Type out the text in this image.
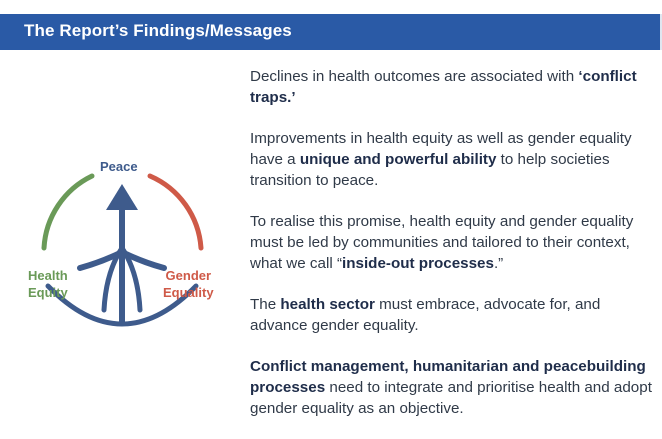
The Report’s Findings/Messages
Peace
Health
Equity
Gender
Equality

Declines in health outcomes are associated with ‘conflict traps.’

Improvements in health equity as well as gender equality have a unique and powerful ability to help societies transition to peace.

To realise this promise, health equity and gender equality must be led by communities and tailored to their context, what we call “inside-out processes.”

The health sector must embrace, advocate for, and advance gender equality.

Conflict management, humanitarian and peacebuilding processes need to integrate and prioritise health and adopt gender equality as an objective.
